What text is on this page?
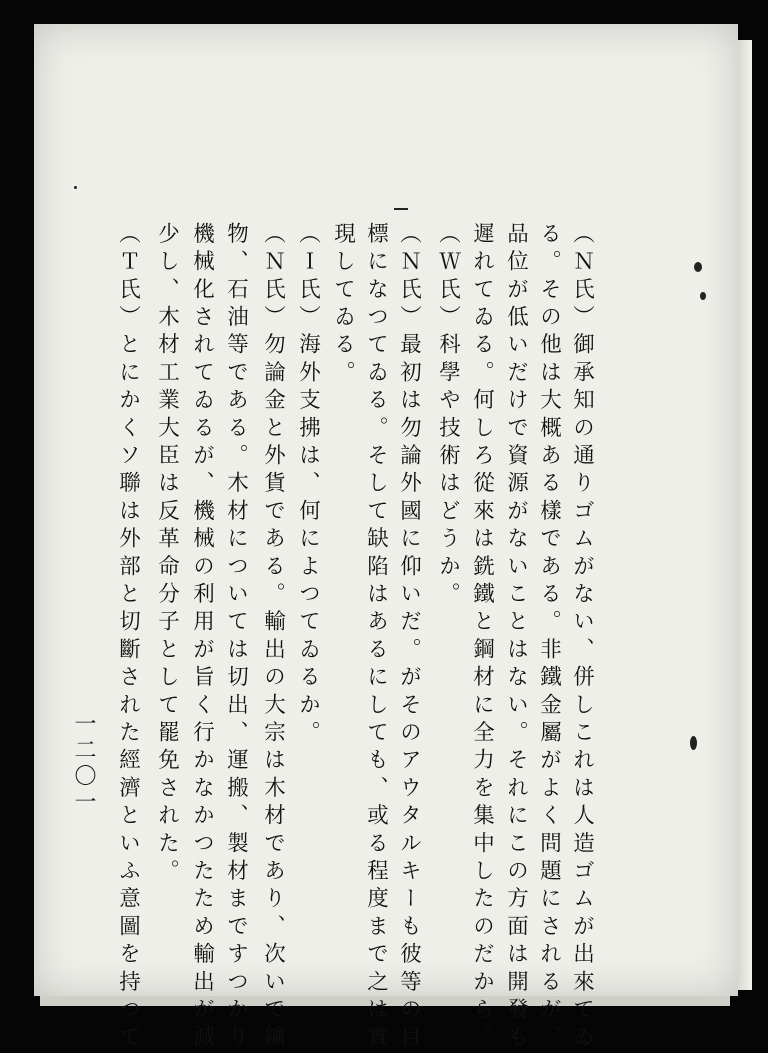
（Ｎ氏）御承知の通りゴムがない、併しこれは人造ゴムが出來てゐ
る。その他は大概ある樣である。非鐵金屬がよく問題にされるが、
品位が低いだけで資源がないことはない。それにこの方面は開發も
遲れてゐる。何しろ從來は銑鐵と鋼材に全力を集中したのだから。
（Ｗ氏）科學や技術はどうか。
（Ｎ氏）最初は勿論外國に仰いだ。がそのアウタルキーも彼等の目
標になつてゐる。そして缺陷はあるにしても、或る程度まで之は實
現してゐる。
（Ｉ氏）海外支拂は、何によつてゐるか。
（Ｎ氏）勿論金と外貨である。輸出の大宗は木材であり、次いで鑛
物、石油等である。木材については切出、運搬、製材まですつかり
機械化されてゐるが、機械の利用が旨く行かなかつたため輸出が減
少し、木材工業大臣は反革命分子として罷免された。
（Ｔ氏）とにかくソ聯は外部と切斷された經濟といふ意圖を持つて
一二〇一
